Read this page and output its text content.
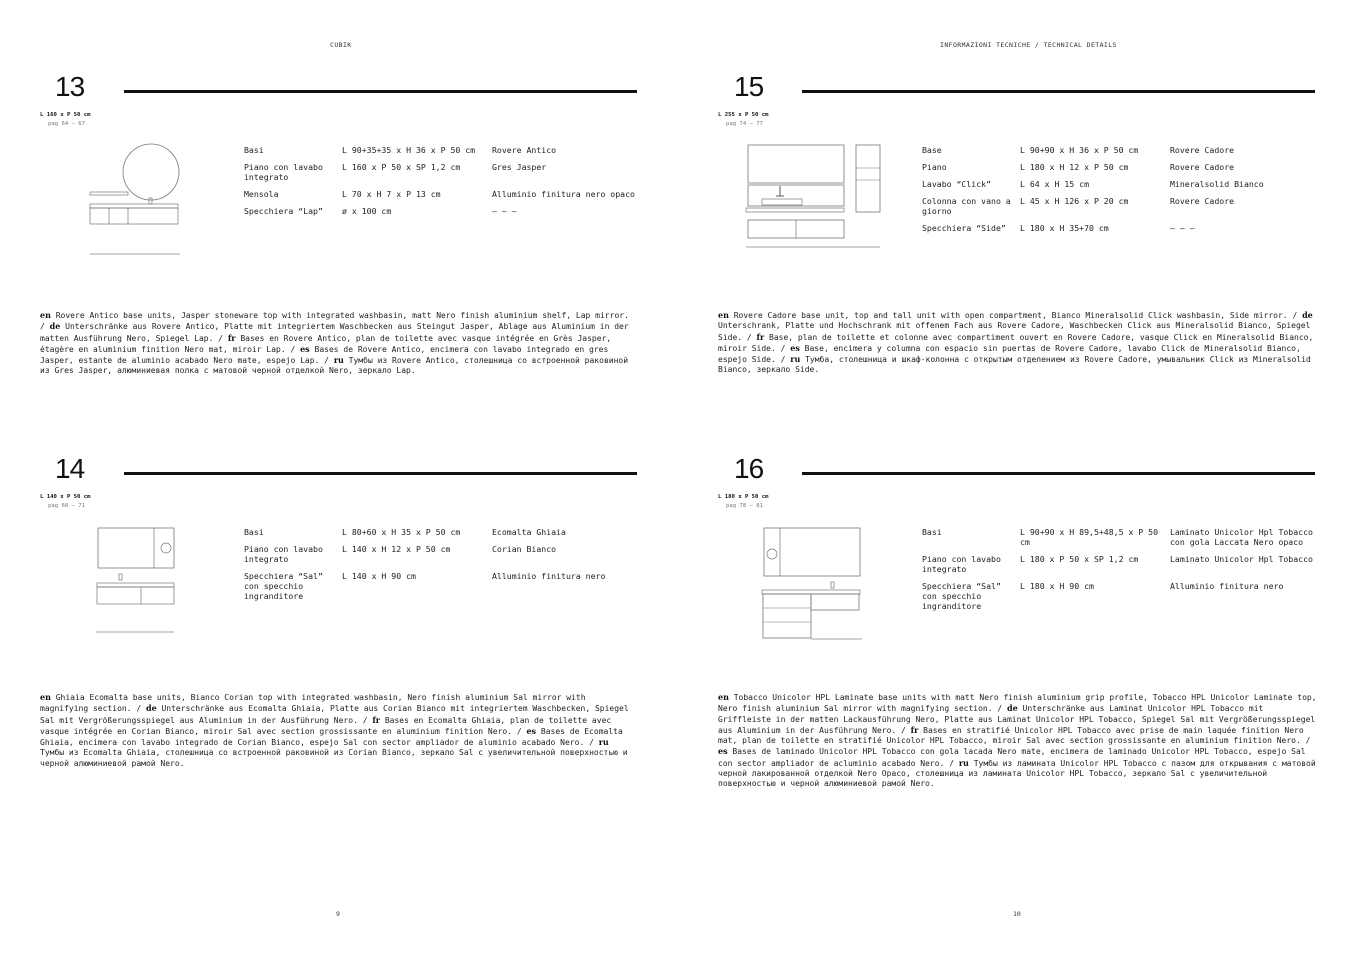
CUBIK
13
L 160 x P 50 cm
pag 64 – 67
Basi	L 90+35+35 x H 36 x P 50 cm	Rovere Antico
Piano con lavabo integrato	L 160 x P 50 x SP 1,2 cm	Gres Jasper
Mensola	L 70 x H 7 x P 13 cm	Alluminio finitura nero opaco
Specchiera “Lap”	ø x 100 cm	– – –
en Rovere Antico base units, Jasper stoneware top with integrated washbasin, matt Nero finish aluminium shelf, Lap mirror. / de Unterschränke aus Rovere Antico, Platte mit integriertem Waschbecken aus Steingut Jasper, Ablage aus Aluminium in der matten Ausführung Nero, Spiegel Lap. / fr Bases en Rovere Antico, plan de toilette avec vasque intégrée en Grès Jasper, étagère en aluminium finition Nero mat, miroir Lap. / es Bases de Rovere Antico, encimera con lavabo integrado en gres Jasper, estante de aluminio acabado Nero mate, espejo Lap. / ru Тумбы из Rovere Antico, столешница со встроенной раковиной из Gres Jasper, алюминиевая полка с матовой черной отделкой Nero, зеркало Lap.
14
L 140 x P 50 cm
pag 68 – 71
Basi	L 80+60 x H 35 x P 50 cm	Ecomalta Ghiaia
Piano con lavabo integrato	L 140 x H 12 x P 50 cm	Corian Bianco
Specchiera “Sal” con specchio ingranditore	L 140 x H 90 cm	Alluminio finitura nero
en Ghiaia Ecomalta base units, Bianco Corian top with integrated washbasin, Nero finish aluminium Sal mirror with magnifying section. / de Unterschränke aus Ecomalta Ghiaia, Platte aus Corian Bianco mit integriertem Waschbecken, Spiegel Sal mit Vergrößerungsspiegel aus Aluminium in der Ausführung Nero. / fr Bases en Ecomalta Ghiaia, plan de toilette avec vasque intégrée en Corian Bianco, miroir Sal avec section grossissante en aluminium finition Nero. / es Bases de Ecomalta Ghiaia, encimera con lavabo integrado de Corian Bianco, espejo Sal con sector ampliador de aluminio acabado Nero. / ru Тумбы из Ecomalta Ghiaia, столешница со встроенной раковиной из Corian Bianco, зеркало Sal с увеличительной поверхностью и черной алюминиевой рамой Nero.
9
INFORMAZIONI TECNICHE / TECHNICAL DETAILS
15
L 255 x P 50 cm
pag 74 – 77
Base	L 90+90 x H 36 x P 50 cm	Rovere Cadore
Piano	L 180 x H 12 x P 50 cm	Rovere Cadore
Lavabo “Click”	L 64 x H 15 cm	Mineralsolid Bianco
Colonna con vano a giorno	L 45 x H 126 x P 20 cm	Rovere Cadore
Specchiera “Side”	L 180 x H 35+70 cm	– – –
en Rovere Cadore base unit, top and tall unit with open compartment, Bianco Mineralsolid Click washbasin, Side mirror. / de Unterschrank, Platte und Hochschrank mit offenem Fach aus Rovere Cadore, Waschbecken Click aus Mineralsolid Bianco, Spiegel Side. / fr Base, plan de toilette et colonne avec compartiment ouvert en Rovere Cadore, vasque Click en Mineralsolid Bianco, miroir Side. / es Base, encimera y columna con espacio sin puertas de Rovere Cadore, lavabo Click de Mineralsolid Bianco, espejo Side. / ru Тумба, столешница и шкаф-колонна с открытым отделением из Rovere Cadore, умывальник Click из Mineralsolid Bianco, зеркало Side.
16
L 180 x P 50 cm
pag 78 – 81
Basi	L 90+90 x H 89,5+48,5 x P 50 cm	Laminato Unicolor Hpl Tobacco con gola Laccata Nero opaco
Piano con lavabo integrato	L 180 x P 50 x SP 1,2 cm	Laminato Unicolor Hpl Tobacco
Specchiera “Sal” con specchio ingranditore	L 180 x H 90 cm	Alluminio finitura nero
en Tobacco Unicolor HPL Laminate base units with matt Nero finish aluminium grip profile, Tobacco HPL Unicolor Laminate top, Nero finish aluminium Sal mirror with magnifying section. / de Unterschränke aus Laminat Unicolor HPL Tobacco mit Griffleiste in der matten Lackausführung Nero, Platte aus Laminat Unicolor HPL Tobacco, Spiegel Sal mit Vergrößerungsspiegel aus Aluminium in der Ausführung Nero. / fr Bases en stratifié Unicolor HPL Tobacco avec prise de main laquée finition Nero mat, plan de toilette en stratifié Unicolor HPL Tobacco, miroir Sal avec section grossissante en aluminium finition Nero. / es Bases de laminado Unicolor HPL Tobacco con gola lacada Nero mate, encimera de laminado Unicolor HPL Tobacco, espejo Sal con sector ampliador de acluminio acabado Nero. / ru Тумбы из ламината Unicolor HPL Tobacco с пазом для открывания с матовой черной лакированной отделкой Nero Opaco, столешница из ламината Unicolor HPL Tobacco, зеркало Sal с увеличительной поверхностью и черной алюминиевой рамой Nero.
10
